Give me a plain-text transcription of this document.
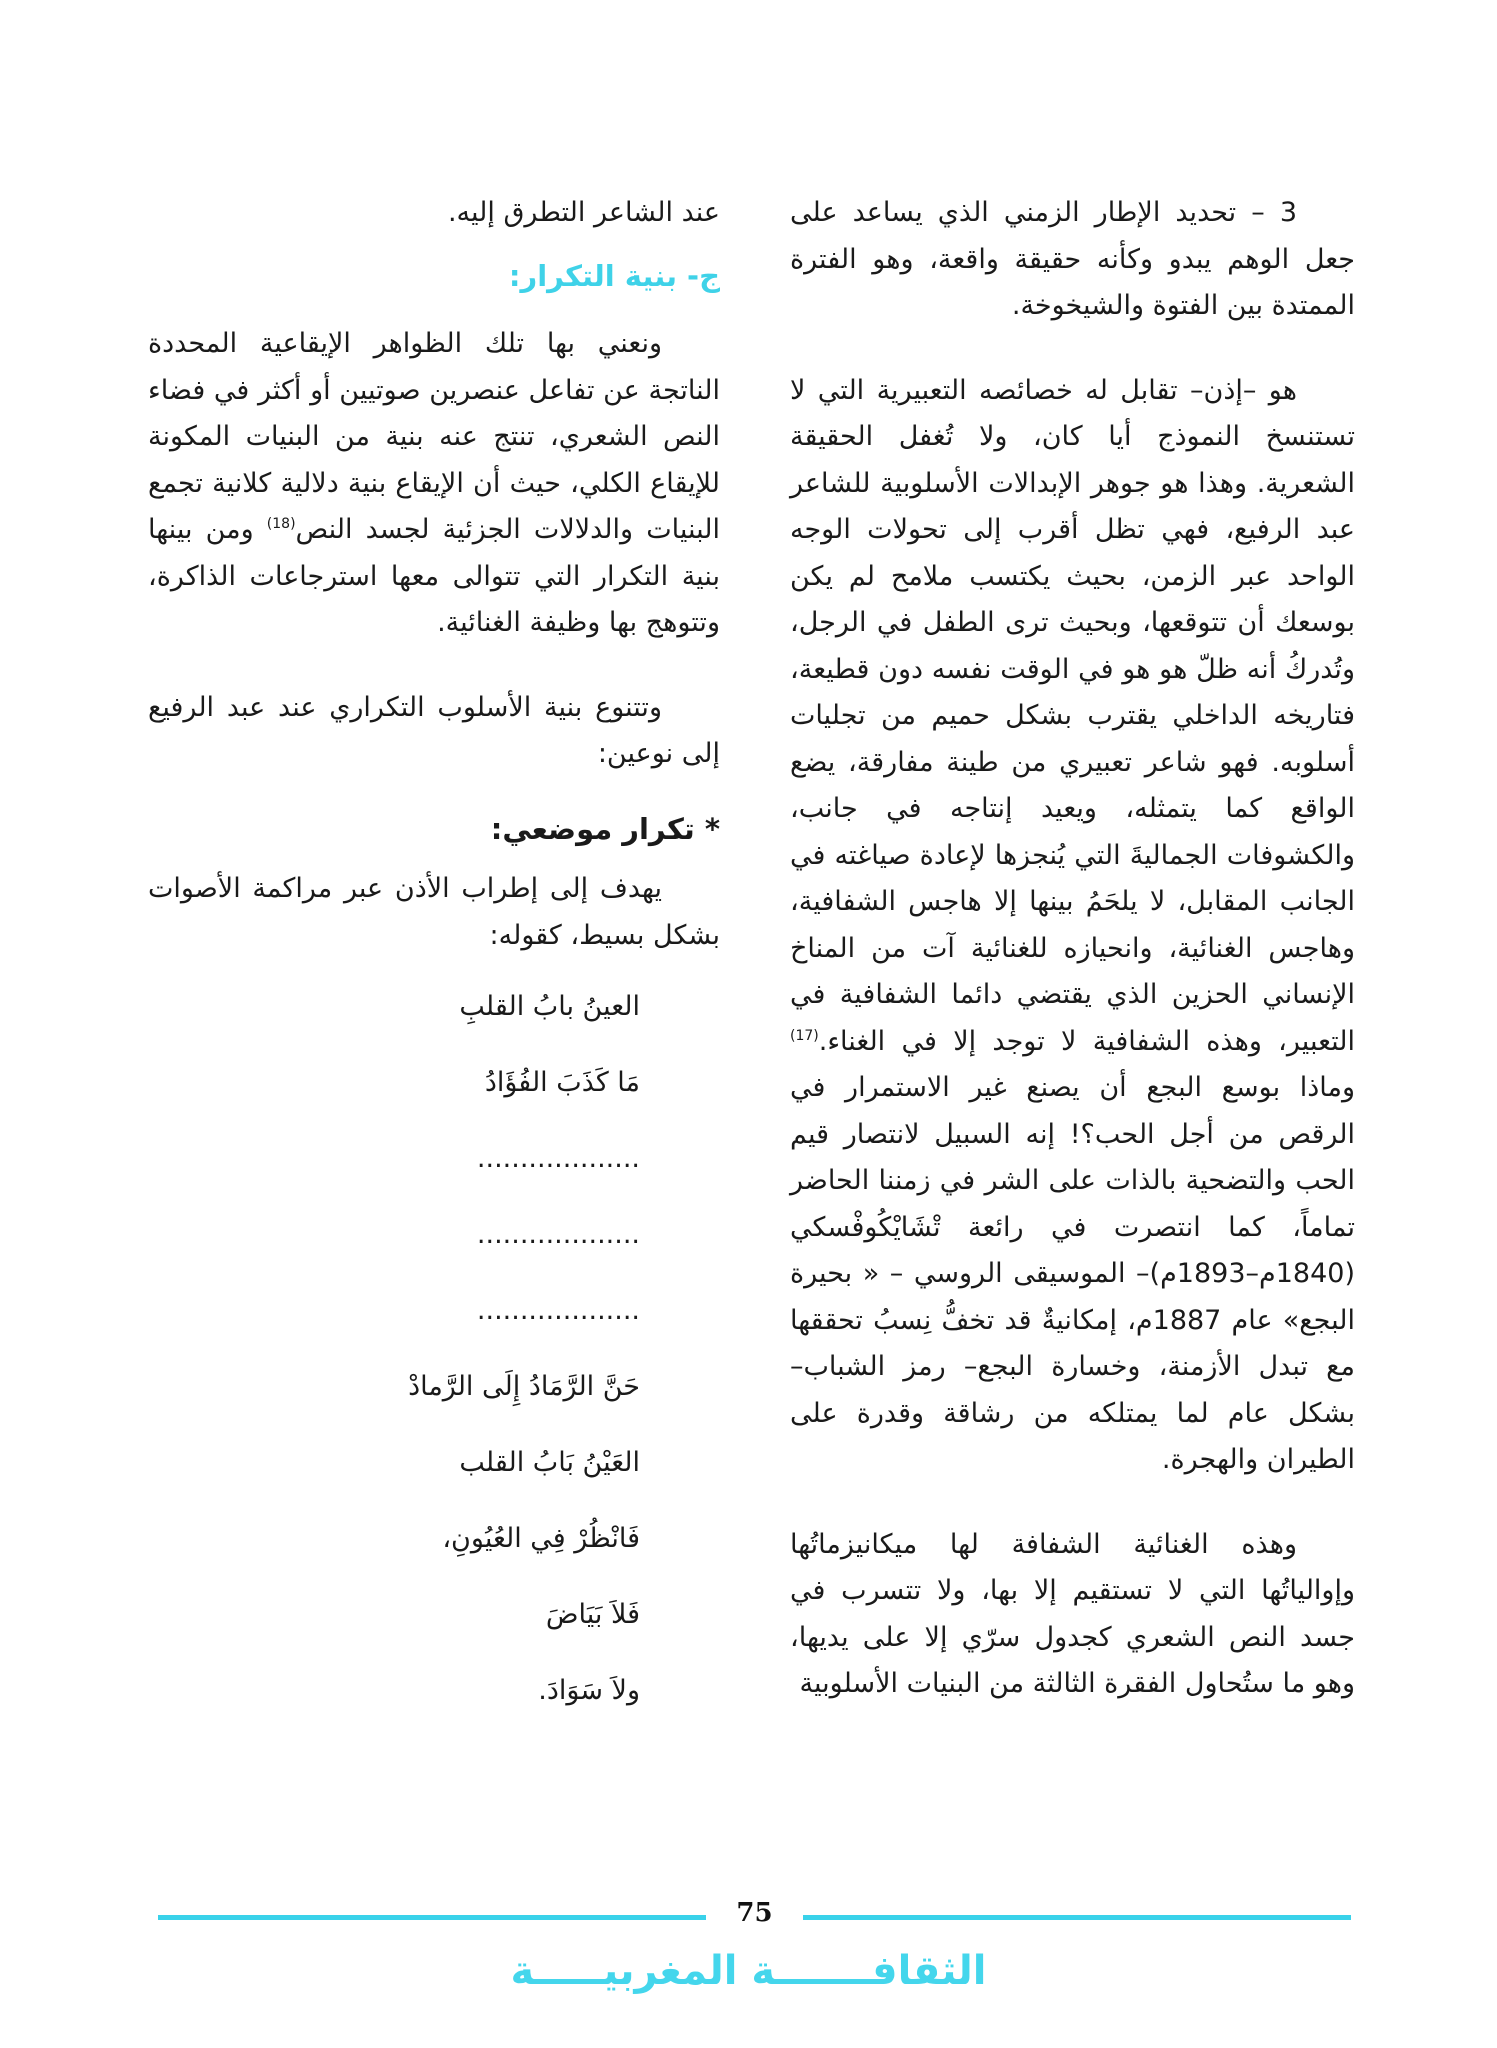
3 – تحديد الإطار الزمني الذي يساعد على جعل الوهم يبدو وكأنه حقيقة واقعة، وهو الفترة الممتدة بين الفتوة والشيخوخة.

هو –إذن– تقابل له خصائصه التعبيرية التي لا تستنسخ النموذج أيا كان، ولا تُغفل الحقيقة الشعرية. وهذا هو جوهر الإبدالات الأسلوبية للشاعر عبد الرفيع، فهي تظل أقرب إلى تحولات الوجه الواحد عبر الزمن، بحيث يكتسب ملامح لم يكن بوسعك أن تتوقعها، وبحيث ترى الطفل في الرجل، وتُدركُ أنه ظلّ هو هو في الوقت نفسه دون قطيعة، فتاريخه الداخلي يقترب بشكل حميم من تجليات أسلوبه. فهو شاعر تعبيري من طينة مفارقة، يضع الواقع كما يتمثله، ويعيد إنتاجه في جانب، والكشوفات الجماليةَ التي يُنجزها لإعادة صياغته في الجانب المقابل، لا يلحَمُ بينها إلا هاجس الشفافية، وهاجس الغنائية، وانحيازه للغنائية آت من المناخ الإنساني الحزين الذي يقتضي دائما الشفافية في التعبير، وهذه الشفافية لا توجد إلا في الغناء.$^{(17)}$ وماذا بوسع البجع أن يصنع غير الاستمرار في الرقص من أجل الحب؟! إنه السبيل لانتصار قيم الحب والتضحية بالذات على الشر في زمننا الحاضر تماماً، كما انتصرت في رائعة تْشَايْكُوفْسكي (1840م–1893م)– الموسيقى الروسي – « بحيرة البجع» عام 1887م، إمكانيةٌ قد تخفُّ نِسبُ تحققها مع تبدل الأزمنة، وخسارة البجع– رمز الشباب– بشكل عام لما يمتلكه من رشاقة وقدرة على الطيران والهجرة.

وهذه الغنائية الشفافة لها ميكانيزماتُها وإوالياتُها التي لا تستقيم إلا بها، ولا تتسرب في جسد النص الشعري كجدول سرّي إلا على يديها، وهو ما ستُحاول الفقرة الثالثة من البنيات الأسلوبية

عند الشاعر التطرق إليه.

ج- بنية التكرار:

ونعني بها تلك الظواهر الإيقاعية المحددة الناتجة عن تفاعل عنصرين صوتيين أو أكثر في فضاء النص الشعري، تنتج عنه بنية من البنيات المكونة للإيقاع الكلي، حيث أن الإيقاع بنية دلالية كلانية تجمع البنيات والدلالات الجزئية لجسد النص$^{(18)}$ ومن بينها بنية التكرار التي تتوالى معها استرجاعات الذاكرة، وتتوهج بها وظيفة الغنائية.

وتتنوع بنية الأسلوب التكراري عند عبد الرفيع إلى نوعين:

* تكرار موضعي:

يهدف إلى إطراب الأذن عبر مراكمة الأصوات بشكل بسيط، كقوله:

العينُ بابُ القلبِ
مَا كَذَبَ الفُؤَادُ
...................
...................
...................
حَنَّ الرَّمَادُ إِلَى الرَّمادْ
العَيْنُ بَابُ القلب
فَانْظُرْ فِي العُيُونِ،
فَلاَ بَيَاضَ
ولاَ سَوَادَ.
75
الثقافـــــــة المغربيـــــة
